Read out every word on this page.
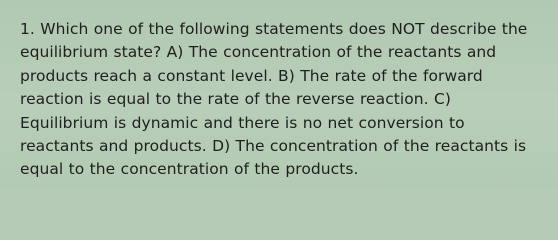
1. Which one of the following statements does NOT describe the equilibrium state? A) The concentration of the reactants and products reach a constant level. B) The rate of the forward reaction is equal to the rate of the reverse reaction. C) Equilibrium is dynamic and there is no net conversion to reactants and products. D) The concentration of the reactants is equal to the concentration of the products.
